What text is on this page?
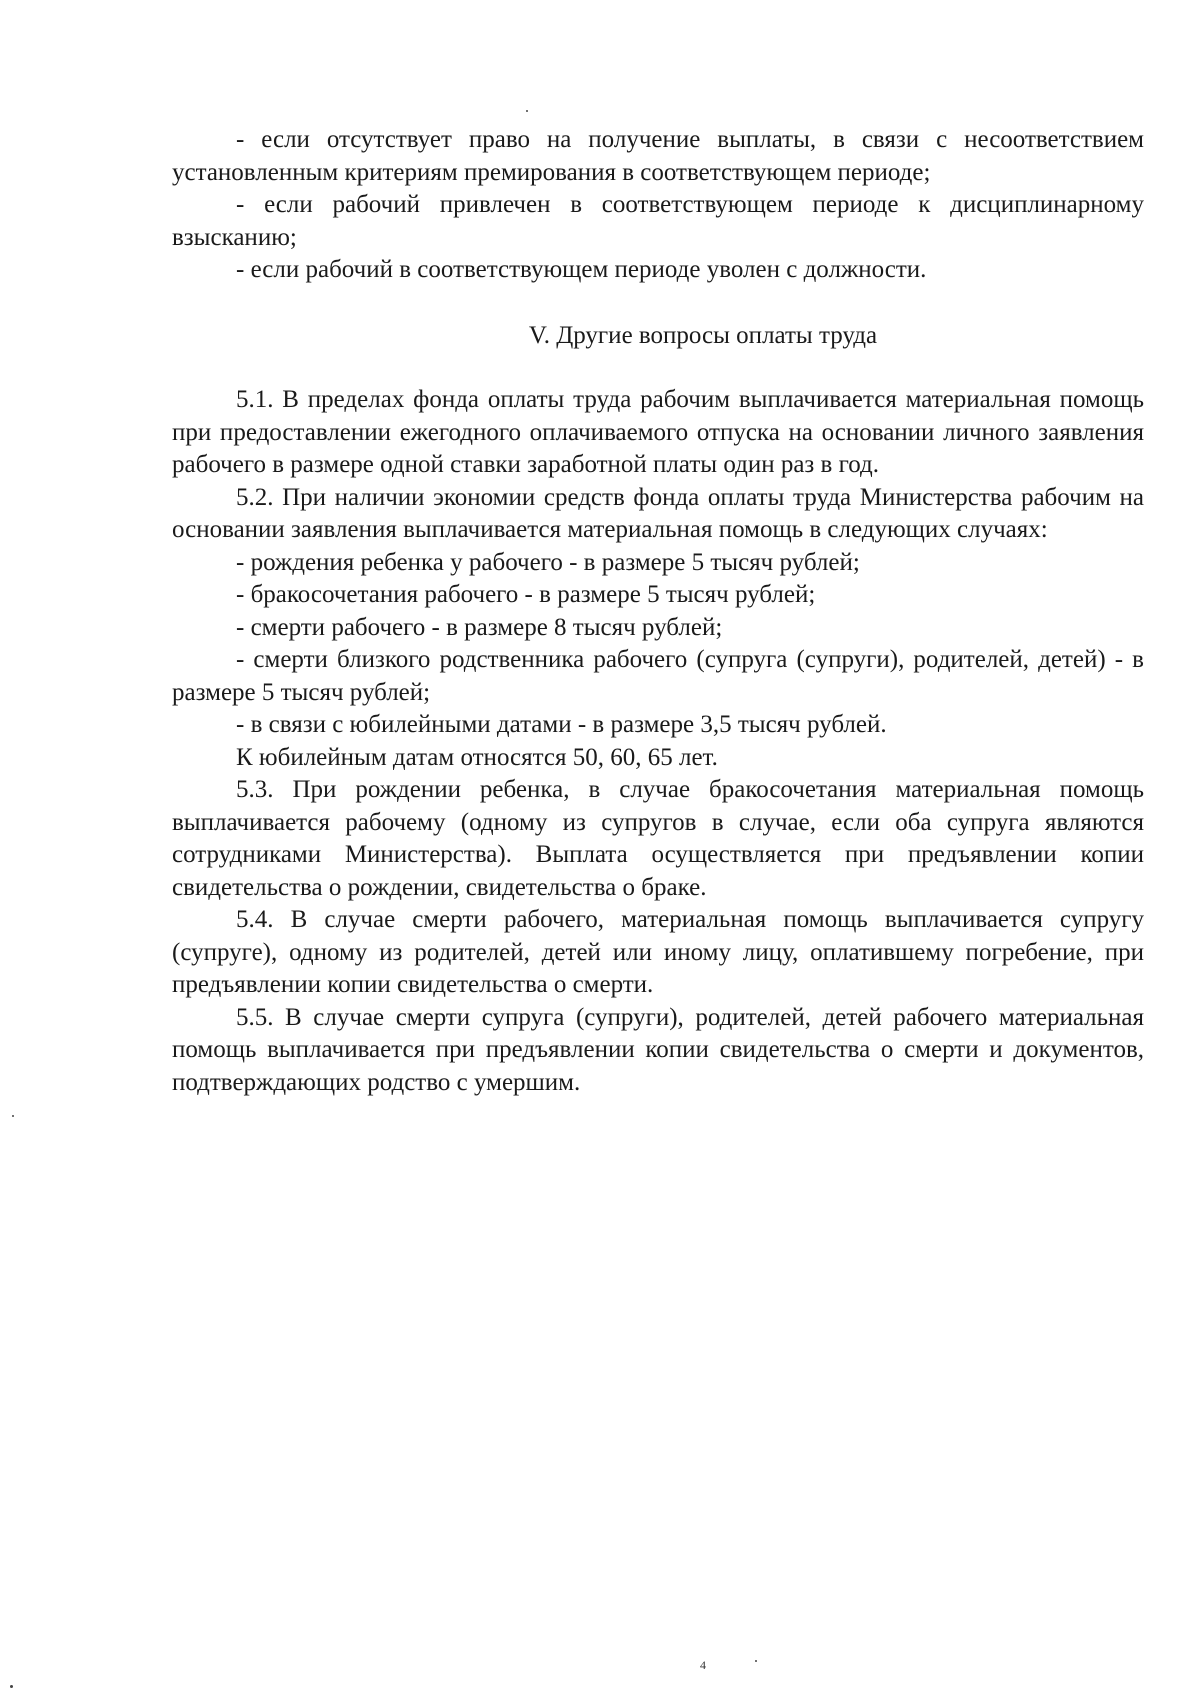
- если отсутствует право на получение выплаты, в связи с несоответствием установленным критериям премирования в соответствующем периоде;

- если рабочий привлечен в соответствующем периоде к дисциплинарному взысканию;

- если рабочий в соответствующем периоде уволен с должности.

V. Другие вопросы оплаты труда

5.1. В пределах фонда оплаты труда рабочим выплачивается материальная помощь при предоставлении ежегодного оплачиваемого отпуска на основании личного заявления рабочего в размере одной ставки заработной платы один раз в год.

5.2. При наличии экономии средств фонда оплаты труда Министерства рабочим на основании заявления выплачивается материальная помощь в следующих случаях:

- рождения ребенка у рабочего - в размере 5 тысяч рублей;

- бракосочетания рабочего - в размере 5 тысяч рублей;

- смерти рабочего - в размере 8 тысяч рублей;

- смерти близкого родственника рабочего (супруга (супруги), родителей, детей) - в размере 5 тысяч рублей;

- в связи с юбилейными датами - в размере 3,5 тысяч рублей.

К юбилейным датам относятся 50, 60, 65 лет.

5.3. При рождении ребенка, в случае бракосочетания материальная помощь выплачивается рабочему (одному из супругов в случае, если оба супруга являются сотрудниками Министерства). Выплата осуществляется при предъявлении копии свидетельства о рождении, свидетельства о браке.

5.4. В случае смерти рабочего, материальная помощь выплачивается супругу (супруге), одному из родителей, детей или иному лицу, оплатившему погребение, при предъявлении копии свидетельства о смерти.

5.5. В случае смерти супруга (супруги), родителей, детей рабочего материальная помощь выплачивается при предъявлении копии свидетельства о смерти и документов, подтверждающих родство с умершим.

4
